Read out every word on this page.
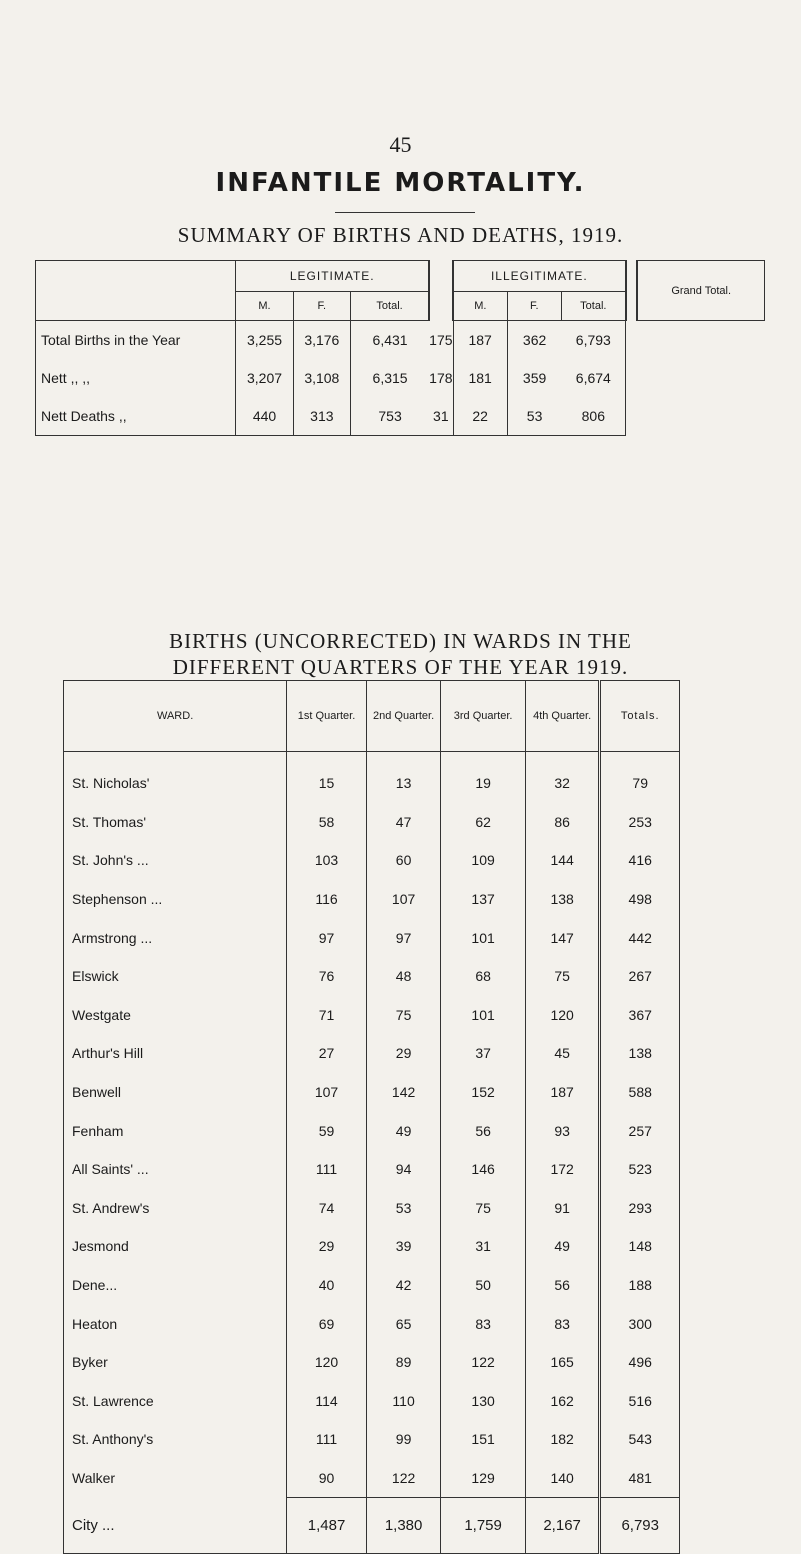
45
INFANTILE MORTALITY.
SUMMARY OF BIRTHS AND DEATHS, 1919.
	LEGITIMATE.				ILLEGITIMATE.				Grand Total.
	M.	F.	Total.		M.	F.	Total.		
Total Births in the Year	3,255	3,176	6,431	175	187	362	6,793		
Nett ,, ,,	3,207	3,108	6,315	178	181	359	6,674		
Nett Deaths ,,	440	313	753	31	22	53	806		
BIRTHS (UNCORRECTED) IN WARDS IN THE
DIFFERENT QUARTERS OF THE YEAR 1919.
WARD.	1st Quarter.	2nd Quarter.	3rd Quarter.	4th Quarter.	Totals.
St. Nicholas'	15	13	19	32	79
St. Thomas'	58	47	62	86	253
St. John's ...	103	60	109	144	416
Stephenson ...	116	107	137	138	498
Armstrong ...	97	97	101	147	442
Elswick	76	48	68	75	267
Westgate	71	75	101	120	367
Arthur's Hill	27	29	37	45	138
Benwell	107	142	152	187	588
Fenham	59	49	56	93	257
All Saints' ...	111	94	146	172	523
St. Andrew's	74	53	75	91	293
Jesmond	29	39	31	49	148
Dene...	40	42	50	56	188
Heaton	69	65	83	83	300
Byker	120	89	122	165	496
St. Lawrence	114	110	130	162	516
St. Anthony's	111	99	151	182	543
Walker	90	122	129	140	481
City ...	1,487	1,380	1,759	2,167	6,793
